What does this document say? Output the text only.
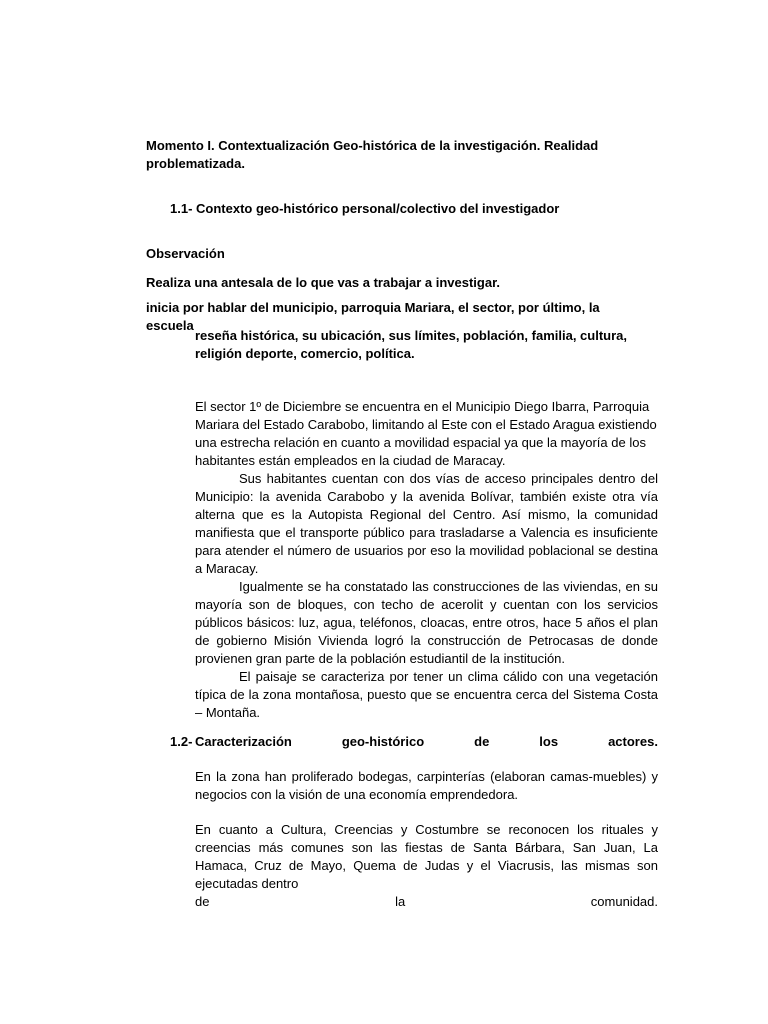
Momento I. Contextualización Geo-histórica de la investigación. Realidad
problematizada.
1.1- Contexto geo-histórico personal/colectivo del investigador
Observación
Realiza una antesala de lo que vas a trabajar a investigar.
inicia por hablar del municipio, parroquia Mariara, el sector, por último, la escuela
reseña histórica, su ubicación, sus límites, población, familia, cultura, religión deporte, comercio, política.

El sector 1º de Diciembre se encuentra en el Municipio Diego Ibarra, Parroquia Mariara del Estado Carabobo, limitando al Este con el Estado Aragua existiendo una estrecha relación en cuanto a movilidad espacial ya que la mayoría de los habitantes están empleados en la ciudad de Maracay.

Sus habitantes cuentan con dos vías de acceso principales dentro del Municipio: la avenida Carabobo y la avenida Bolívar, también existe otra vía alterna que es la Autopista Regional del Centro. Así mismo, la comunidad manifiesta que el transporte público para trasladarse a Valencia es insuficiente para atender el número de usuarios por eso la movilidad poblacional se destina a Maracay.

Igualmente se ha constatado las construcciones de las viviendas, en su mayoría son de bloques, con techo de acerolit y cuentan con los servicios públicos básicos: luz, agua, teléfonos, cloacas, entre otros, hace 5 años el plan de gobierno Misión Vivienda logró la construcción de Petrocasas de donde provienen gran parte de la población estudiantil de la institución.

El paisaje se caracteriza por tener un clima cálido con una vegetación típica de la zona montañosa, puesto que se encuentra cerca del Sistema Costa – Montaña.

1.2- Caracterización	geo-histórico	de	los	actores.
En la zona han proliferado bodegas, carpinterías (elaboran camas-muebles) y negocios con la visión de una economía emprendedora.

En cuanto a Cultura, Creencias y Costumbre se reconocen los rituales y creencias más comunes son las fiestas de Santa Bárbara, San Juan, La Hamaca, Cruz de Mayo, Quema de Judas y el Viacrusis, las mismas son ejecutadas dentro

de	la	comunidad.
